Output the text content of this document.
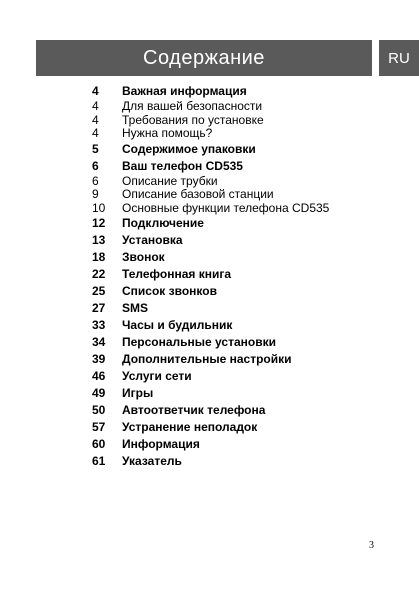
Содержание	RU
4	Важная информация
4	Для вашей безопасности
4	Требования по установке
4	Нужна помощь?
5	Содержимое упаковки
6	Ваш телефон CD535
6	Описание трубки
9	Описание базовой станции
10	Основные функции телефона CD535
12	Подключение
13	Установка
18	Звонок
22	Телефонная книга
25	Список звонков
27	SMS
33	Часы и будильник
34	Персональные установки
39	Дополнительные настройки
46	Услуги сети
49	Игры
50	Автоответчик телефона
57	Устранение неполадок
60	Информация
61	Указатель
3
